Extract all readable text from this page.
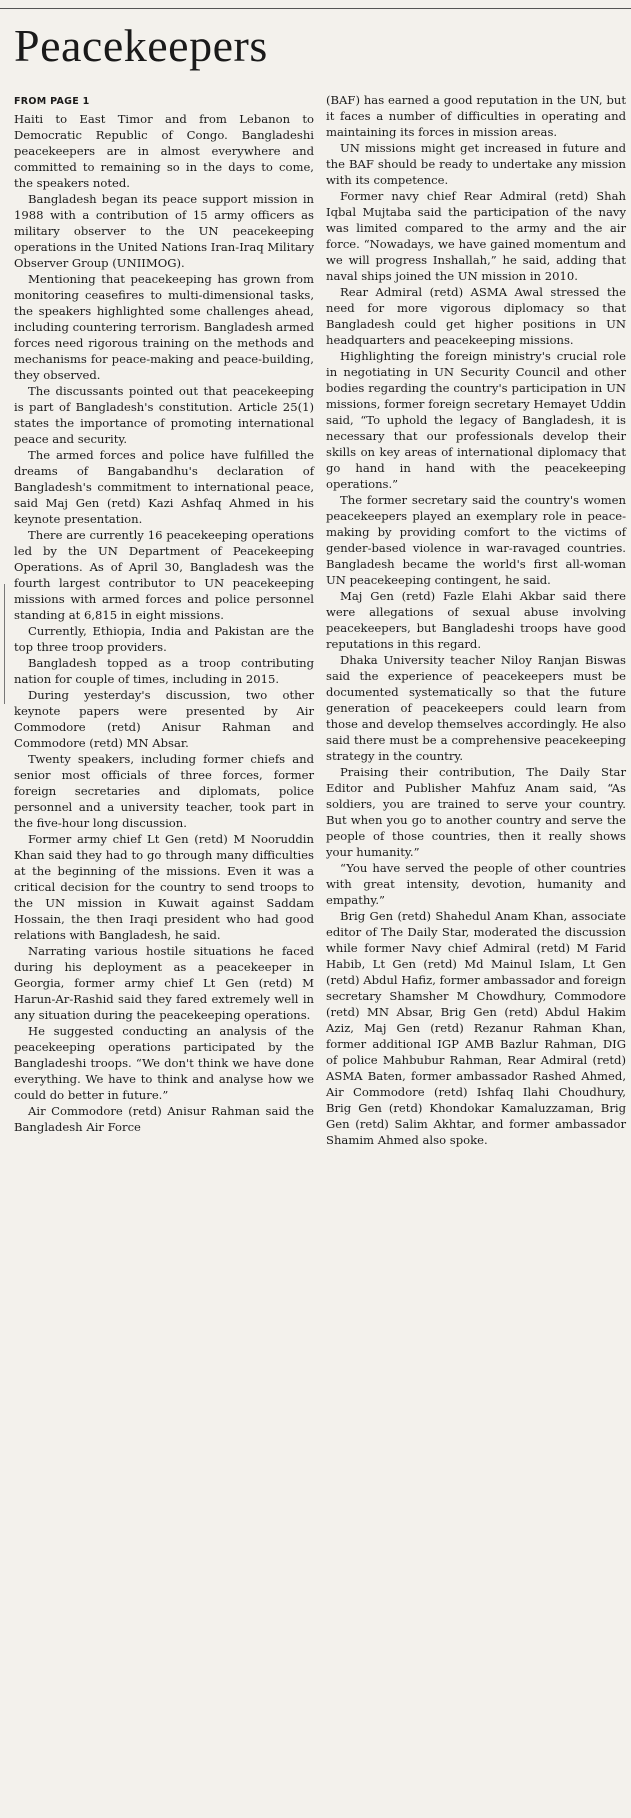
Peacekeepers
FROM PAGE 1

Haiti to East Timor and from Lebanon to Democratic Republic of Congo. Bangladeshi peacekeepers are in almost everywhere and committed to remaining so in the days to come, the speakers noted.

Bangladesh began its peace support mission in 1988 with a contribution of 15 army officers as military observer to the UN peacekeeping operations in the United Nations Iran-Iraq Military Observer Group (UNIIMOG).

Mentioning that peacekeeping has grown from monitoring ceasefires to multi-dimensional tasks, the speakers highlighted some challenges ahead, including countering terrorism. Bangladesh armed forces need rigorous training on the methods and mechanisms for peace-making and peace-building, they observed.

The discussants pointed out that peacekeeping is part of Bangladesh's constitution. Article 25(1) states the importance of promoting international peace and security.

The armed forces and police have fulfilled the dreams of Bangabandhu's declaration of Bangladesh's commitment to international peace, said Maj Gen (retd) Kazi Ashfaq Ahmed in his keynote presentation.

There are currently 16 peacekeeping operations led by the UN Department of Peacekeeping Operations. As of April 30, Bangladesh was the fourth largest contributor to UN peacekeeping missions with armed forces and police personnel standing at 6,815 in eight missions.

Currently, Ethiopia, India and Pakistan are the top three troop providers.

Bangladesh topped as a troop contributing nation for couple of times, including in 2015.

During yesterday's discussion, two other keynote papers were presented by Air Commodore (retd) Anisur Rahman and Commodore (retd) MN Absar.

Twenty speakers, including former chiefs and senior most officials of three forces, former foreign secretaries and diplomats, police personnel and a university teacher, took part in the five-hour long discussion.

Former army chief Lt Gen (retd) M Nooruddin Khan said they had to go through many difficulties at the beginning of the missions. Even it was a critical decision for the country to send troops to the UN mission in Kuwait against Saddam Hossain, the then Iraqi president who had good relations with Bangladesh, he said.

Narrating various hostile situations he faced during his deployment as a peacekeeper in Georgia, former army chief Lt Gen (retd) M Harun-Ar-Rashid said they fared extremely well in any situation during the peacekeeping operations.

He suggested conducting an analysis of the peacekeeping operations participated by the Bangladeshi troops. “We don't think we have done everything. We have to think and analyse how we could do better in future.”

Air Commodore (retd) Anisur Rahman said the Bangladesh Air Force

(BAF) has earned a good reputation in the UN, but it faces a number of difficulties in operating and maintaining its forces in mission areas.

UN missions might get increased in future and the BAF should be ready to undertake any mission with its competence.

Former navy chief Rear Admiral (retd) Shah Iqbal Mujtaba said the participation of the navy was limited compared to the army and the air force. “Nowadays, we have gained momentum and we will progress Inshallah,” he said, adding that naval ships joined the UN mission in 2010.

Rear Admiral (retd) ASMA Awal stressed the need for more vigorous diplomacy so that Bangladesh could get higher positions in UN headquarters and peacekeeping missions.

Highlighting the foreign ministry's crucial role in negotiating in UN Security Council and other bodies regarding the country's participation in UN missions, former foreign secretary Hemayet Uddin said, “To uphold the legacy of Bangladesh, it is necessary that our professionals develop their skills on key areas of international diplomacy that go hand in hand with the peacekeeping operations.”

The former secretary said the country's women peacekeepers played an exemplary role in peace-making by providing comfort to the victims of gender-based violence in war-ravaged countries. Bangladesh became the world's first all-woman UN peacekeeping contingent, he said.

Maj Gen (retd) Fazle Elahi Akbar said there were allegations of sexual abuse involving peacekeepers, but Bangladeshi troops have good reputations in this regard.

Dhaka University teacher Niloy Ranjan Biswas said the experience of peacekeepers must be documented systematically so that the future generation of peacekeepers could learn from those and develop themselves accordingly. He also said there must be a comprehensive peacekeeping strategy in the country.

Praising their contribution, The Daily Star Editor and Publisher Mahfuz Anam said, “As soldiers, you are trained to serve your country. But when you go to another country and serve the people of those countries, then it really shows your humanity.”

“You have served the people of other countries with great intensity, devotion, humanity and empathy.”

Brig Gen (retd) Shahedul Anam Khan, associate editor of The Daily Star, moderated the discussion while former Navy chief Admiral (retd) M Farid Habib, Lt Gen (retd) Md Mainul Islam, Lt Gen (retd) Abdul Hafiz, former ambassador and foreign secretary Shamsher M Chowdhury, Commodore (retd) MN Absar, Brig Gen (retd) Abdul Hakim Aziz, Maj Gen (retd) Rezanur Rahman Khan, former additional IGP AMB Bazlur Rahman, DIG of police Mahbubur Rahman, Rear Admiral (retd) ASMA Baten, former ambassador Rashed Ahmed, Air Commodore (retd) Ishfaq Ilahi Choudhury, Brig Gen (retd) Khondokar Kamaluzzaman, Brig Gen (retd) Salim Akhtar, and former ambassador Shamim Ahmed also spoke.
